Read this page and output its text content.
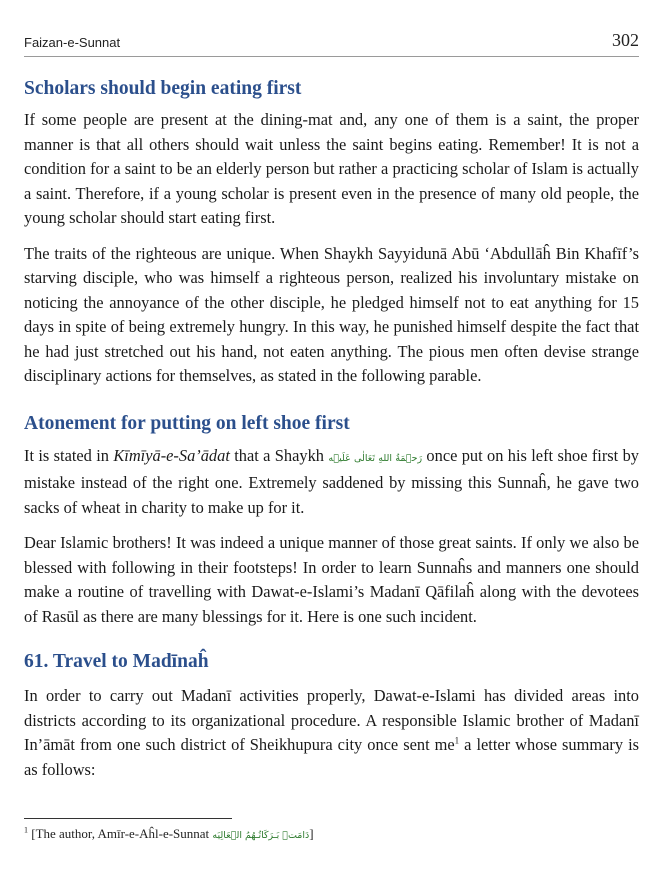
Faizan-e-Sunnat	302
Scholars should begin eating first

If some people are present at the dining-mat and, any one of them is a saint, the proper manner is that all others should wait unless the saint begins eating. Remember! It is not a condition for a saint to be an elderly person but rather a practicing scholar of Islam is actually a saint. Therefore, if a young scholar is present even in the presence of many old people, the young scholar should start eating first.

The traits of the righteous are unique. When Shaykh Sayyidunā Abū ‘Abdullāĥ Bin Khafīf’s starving disciple, who was himself a righteous person, realized his involuntary mistake on noticing the annoyance of the other disciple, he pledged himself not to eat anything for 15 days in spite of being extremely hungry. In this way, he punished himself despite the fact that he had just stretched out his hand, not eaten anything. The pious men often devise strange disciplinary actions for themselves, as stated in the following parable.

Atonement for putting on left shoe first

It is stated in Kīmīyā-e-Sa’ādat that a Shaykh رَحۡمَةُ اللهِ تَعَالٰی عَلَيۡه once put on his left shoe first by mistake instead of the right one. Extremely saddened by missing this Sunnaĥ, he gave two sacks of wheat in charity to make up for it.

Dear Islamic brothers! It was indeed a unique manner of those great saints. If only we also be blessed with following in their footsteps! In order to learn Sunnaĥs and manners one should make a routine of travelling with Dawat-e-Islami’s Madanī Qāfilaĥ along with the devotees of Rasūl as there are many blessings for it. Here is one such incident.

61. Travel to Madīnaĥ

In order to carry out Madanī activities properly, Dawat-e-Islami has divided areas into districts according to its organizational procedure. A responsible Islamic brother of Madanī In’āmāt from one such district of Sheikhupura city once sent $me^1$ a letter whose summary is as follows:

$^1$ [The author, Amīr-e-Aĥl-e-Sunnat دَامَتۡ بَـرَكَاتُـهُمُ الۡعَالِيَه]
